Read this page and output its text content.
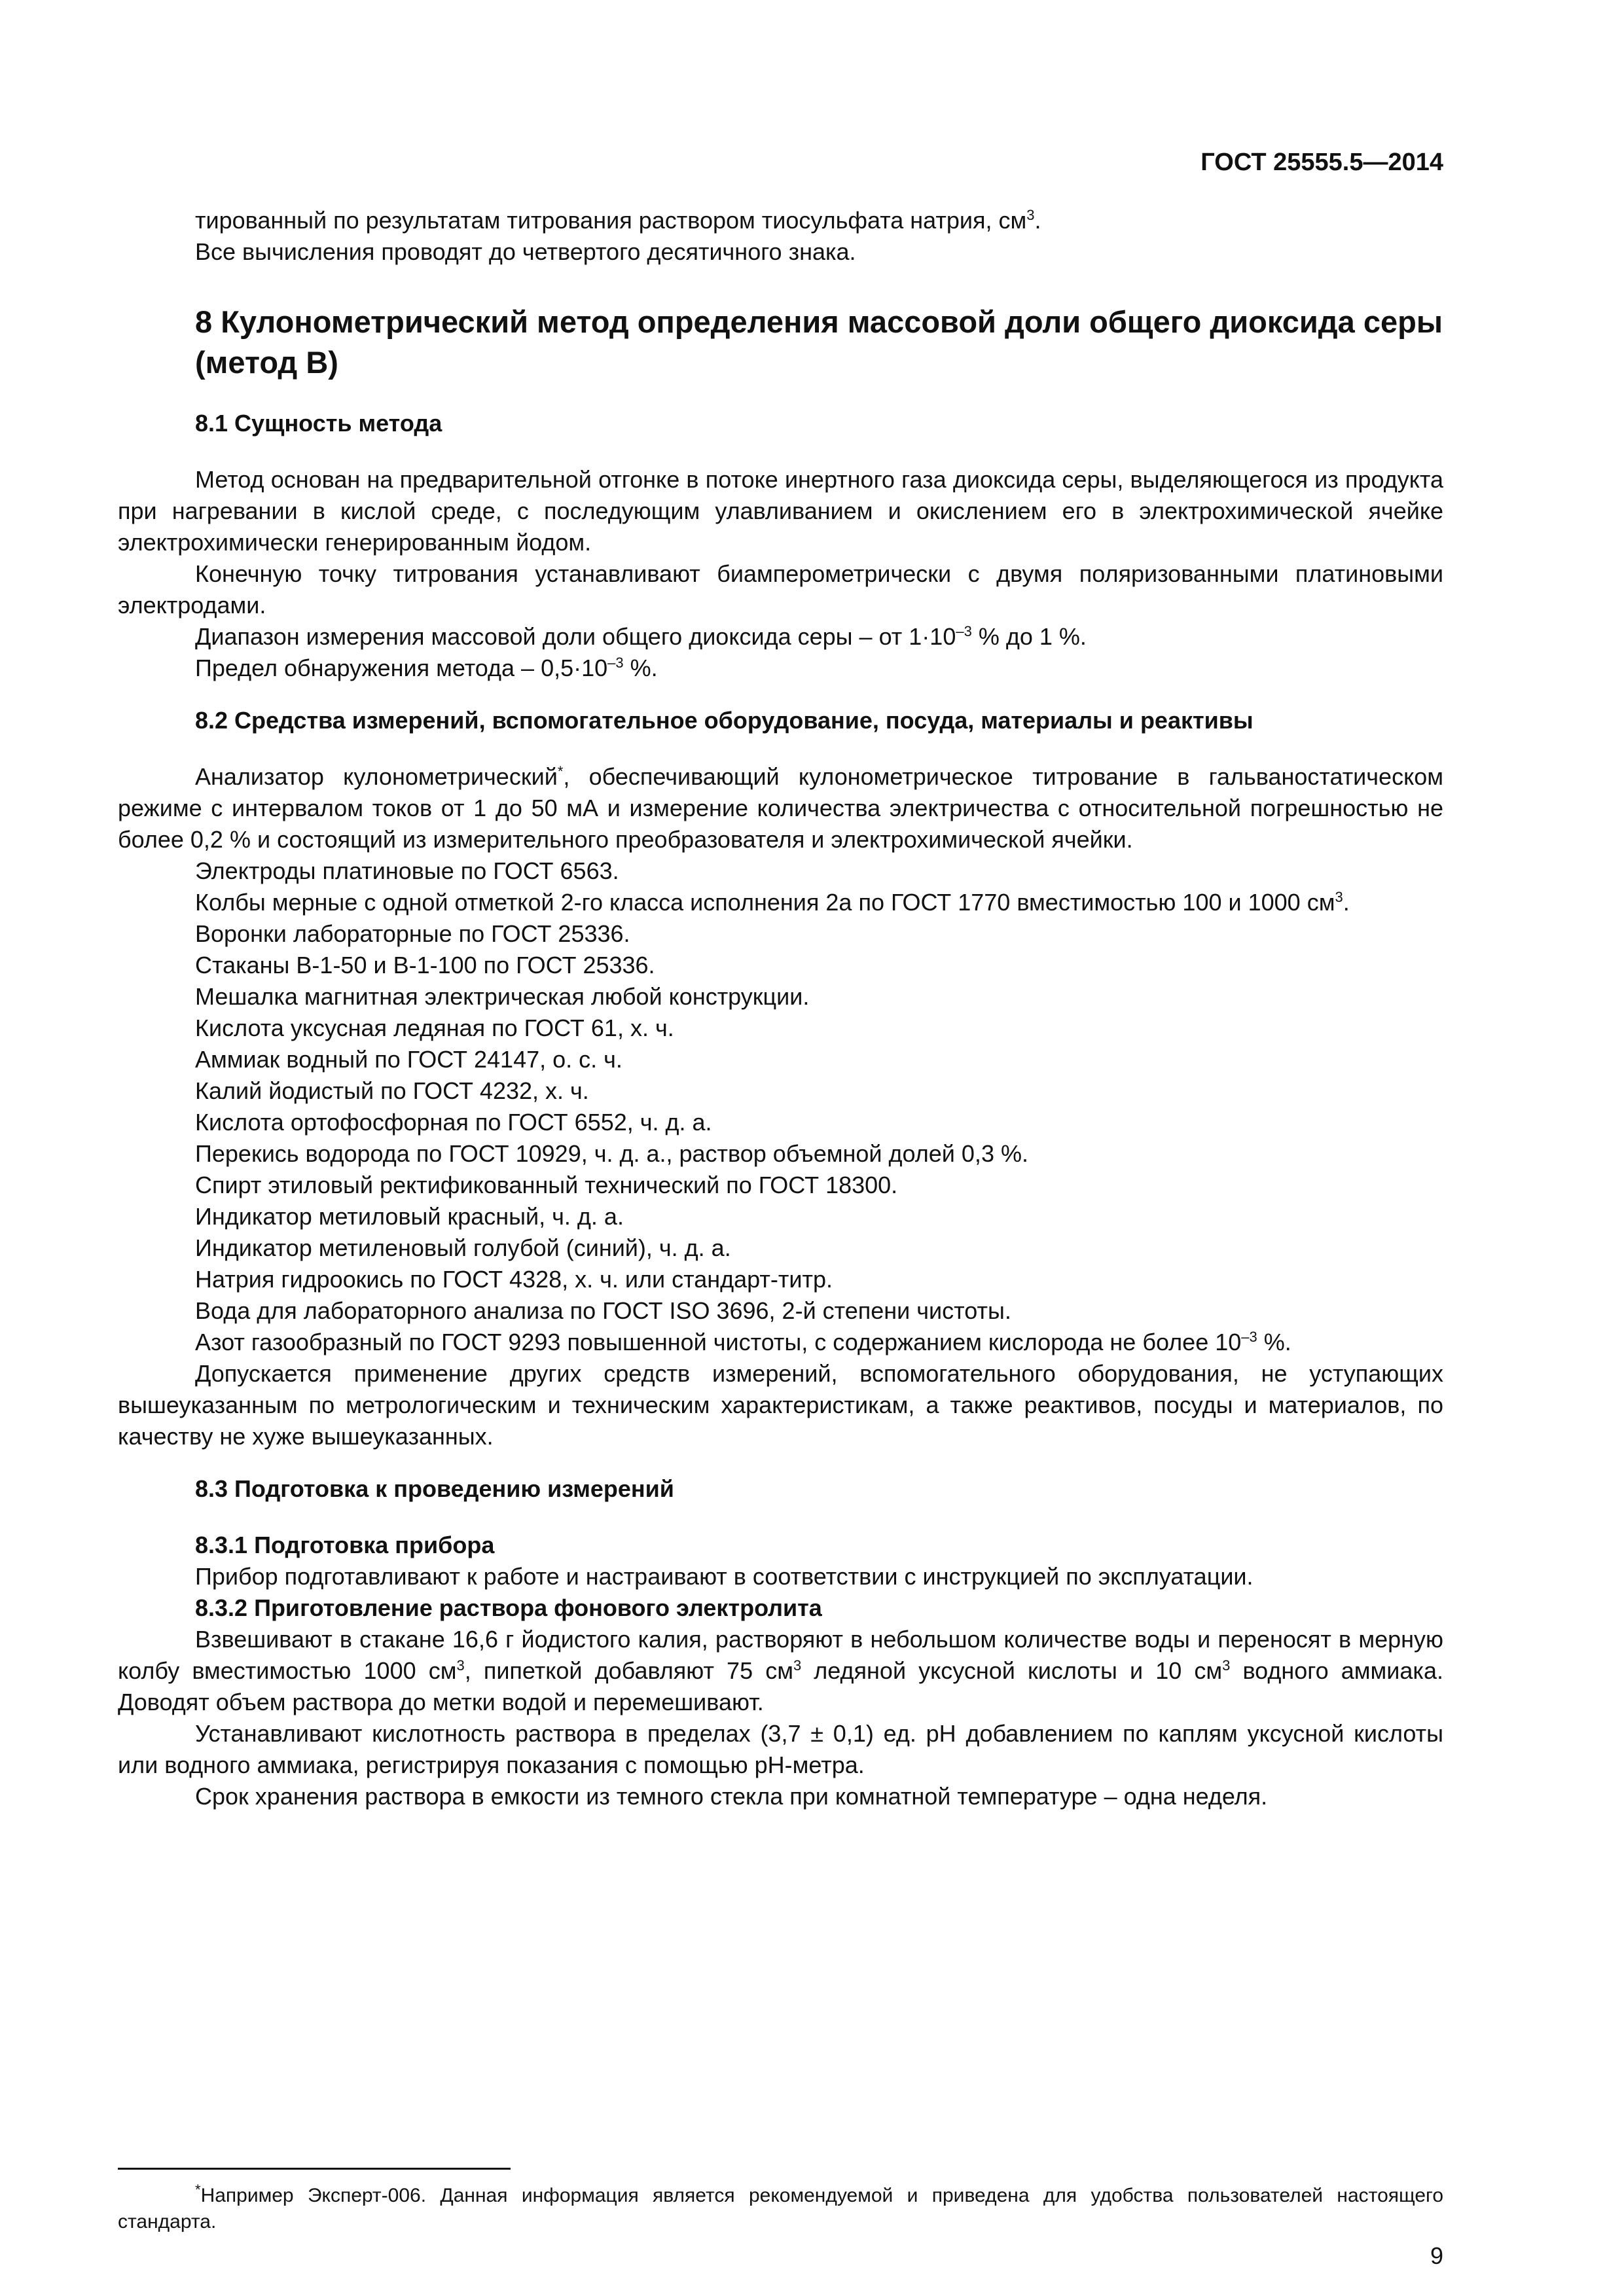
ГОСТ 25555.5—2014

тированный по результатам титрования раствором тиосульфата натрия, $см^3$.

Все вычисления проводят до четвертого десятичного знака.

8 Кулонометрический метод определения массовой доли общего диоксида серы (метод В)
8.1 Сущность метода

Метод основан на предварительной отгонке в потоке инертного газа диоксида серы, выделяющегося из продукта при нагревании в кислой среде, с последующим улавливанием и окислением его в электрохимической ячейке электрохимически генерированным йодом.

Конечную точку титрования устанавливают биамперометрически с двумя поляризованными платиновыми электродами.

Диапазон измерения массовой доли общего диоксида серы – от $1\cdot 10^{-3}$ % до 1 %.

Предел обнаружения метода – $0,5\cdot 10^{-3}$ %.

8.2 Средства измерений, вспомогательное оборудование, посуда, материалы и реактивы

Анализатор кулонометрический*, обеспечивающий кулонометрическое титрование в гальваностатическом режиме с интервалом токов от 1 до 50 мА и измерение количества электричества с относительной погрешностью не более 0,2 % и состоящий из измерительного преобразователя и электрохимической ячейки.

Электроды платиновые по ГОСТ 6563.

Колбы мерные с одной отметкой 2-го класса исполнения 2а по ГОСТ 1770 вместимостью 100 и 1000 $см^3$.

Воронки лабораторные по ГОСТ 25336.

Стаканы В-1-50 и В-1-100 по ГОСТ 25336.

Мешалка магнитная электрическая любой конструкции.

Кислота уксусная ледяная по ГОСТ 61, х. ч.

Аммиак водный по ГОСТ 24147, о. с. ч.

Калий йодистый по ГОСТ 4232, х. ч.

Кислота ортофосфорная по ГОСТ 6552, ч. д. а.

Перекись водорода по ГОСТ 10929, ч. д. а., раствор объемной долей 0,3 %.

Спирт этиловый ректификованный технический по ГОСТ 18300.

Индикатор метиловый красный, ч. д. а.

Индикатор метиленовый голубой (синий), ч. д. а.

Натрия гидроокись по ГОСТ 4328, х. ч. или стандарт-титр.

Вода для лабораторного анализа по ГОСТ ISO 3696, 2-й степени чистоты.

Азот газообразный по ГОСТ 9293 повышенной чистоты, с содержанием кислорода не более $10^{-3}$ %.

Допускается применение других средств измерений, вспомогательного оборудования, не уступающих вышеуказанным по метрологическим и техническим характеристикам, а также реактивов, посуды и материалов, по качеству не хуже вышеуказанных.

8.3 Подготовка к проведению измерений
8.3.1 Подготовка прибора

Прибор подготавливают к работе и настраивают в соответствии с инструкцией по эксплуатации.

8.3.2 Приготовление раствора фонового электролита

Взвешивают в стакане 16,6 г йодистого калия, растворяют в небольшом количестве воды и переносят в мерную колбу вместимостью 1000 $см^3$, пипеткой добавляют 75 $см^3$ ледяной уксусной кислоты и 10 $см^3$ водного аммиака. Доводят объем раствора до метки водой и перемешивают.

Устанавливают кислотность раствора в пределах (3,7 ± 0,1) ед. рН добавлением по каплям уксусной кислоты или водного аммиака, регистрируя показания с помощью рН-метра.

Срок хранения раствора в емкости из темного стекла при комнатной температуре – одна неделя.

*Например Эксперт-006. Данная информация является рекомендуемой и приведена для удобства пользователей настоящего стандарта.

9
